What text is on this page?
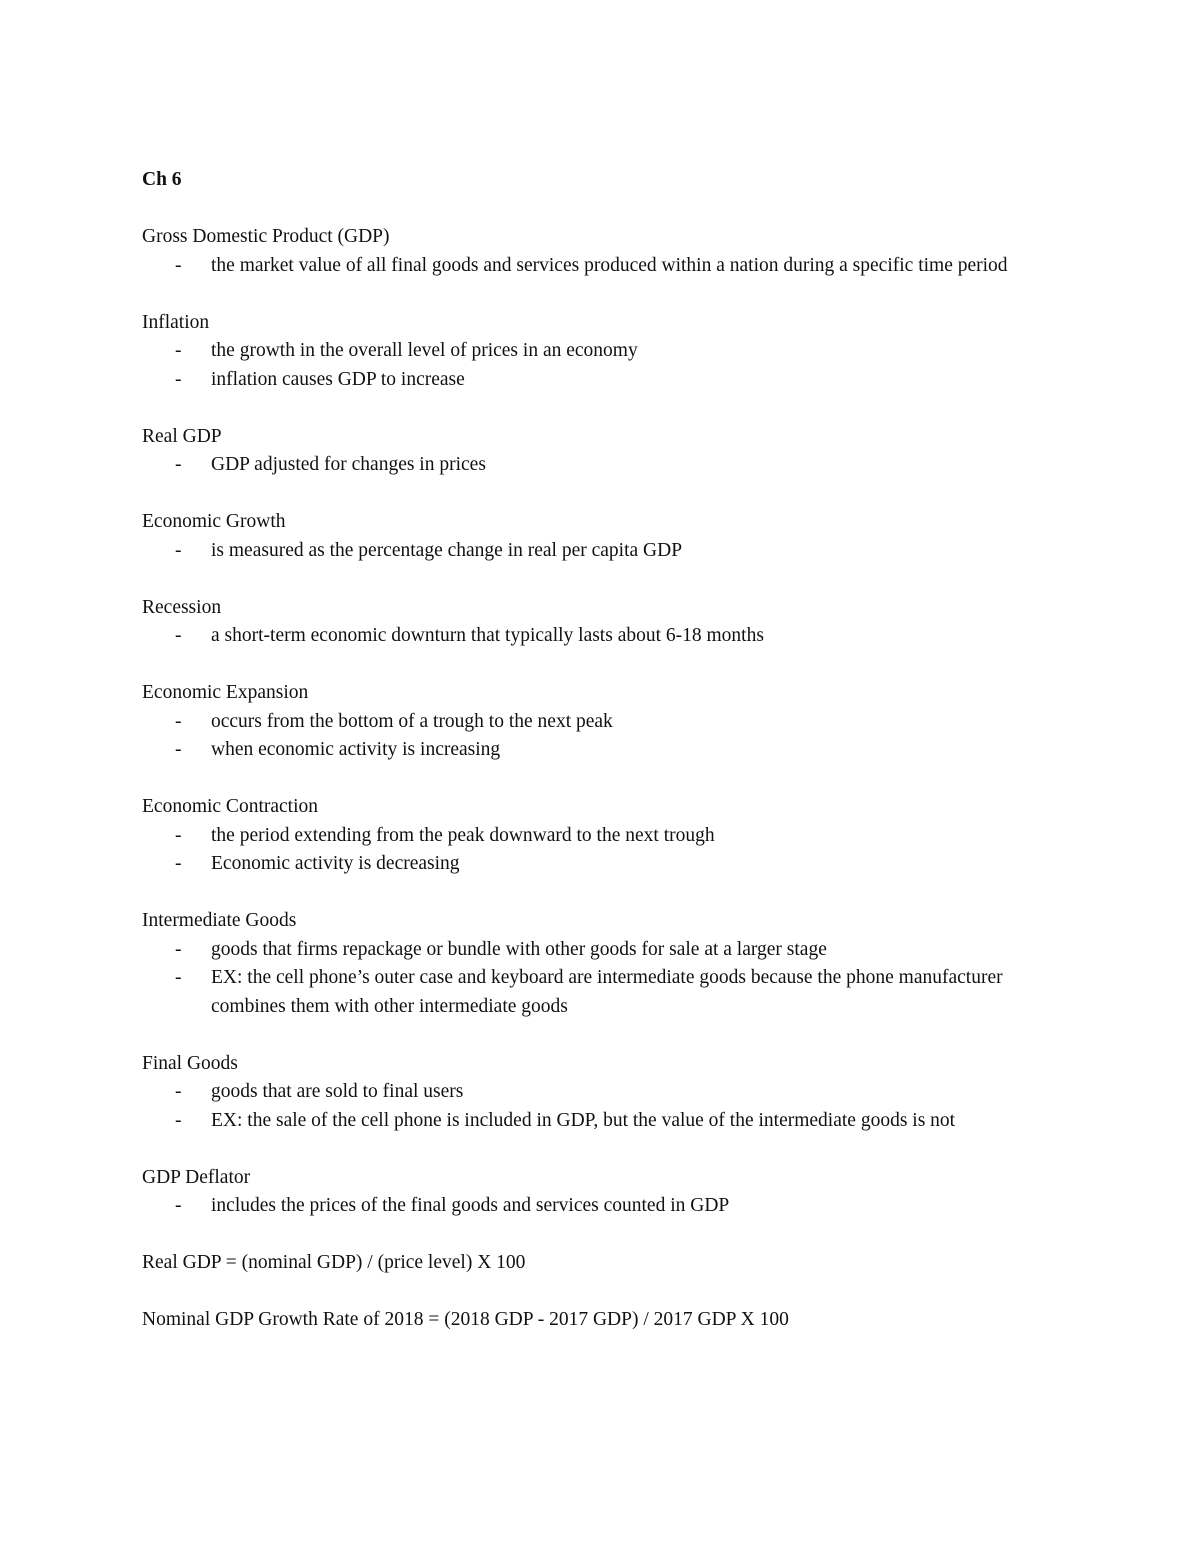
Ch 6

Gross Domestic Product (GDP)

- the market value of all final goods and services produced within a nation during a specific time period

Inflation

- the growth in the overall level of prices in an economy
- inflation causes GDP to increase

Real GDP

- GDP adjusted for changes in prices

Economic Growth

- is measured as the percentage change in real per capita GDP

Recession

- a short-term economic downturn that typically lasts about 6-18 months

Economic Expansion

- occurs from the bottom of a trough to the next peak
- when economic activity is increasing

Economic Contraction

- the period extending from the peak downward to the next trough
- Economic activity is decreasing

Intermediate Goods

- goods that firms repackage or bundle with other goods for sale at a larger stage
- EX: the cell phone’s outer case and keyboard are intermediate goods because the phone manufacturer combines them with other intermediate goods

Final Goods

- goods that are sold to final users
- EX: the sale of the cell phone is included in GDP, but the value of the intermediate goods is not

GDP Deflator

- includes the prices of the final goods and services counted in GDP

Real GDP = (nominal GDP) / (price level) X 100

Nominal GDP Growth Rate of 2018 = (2018 GDP - 2017 GDP) / 2017 GDP X 100
